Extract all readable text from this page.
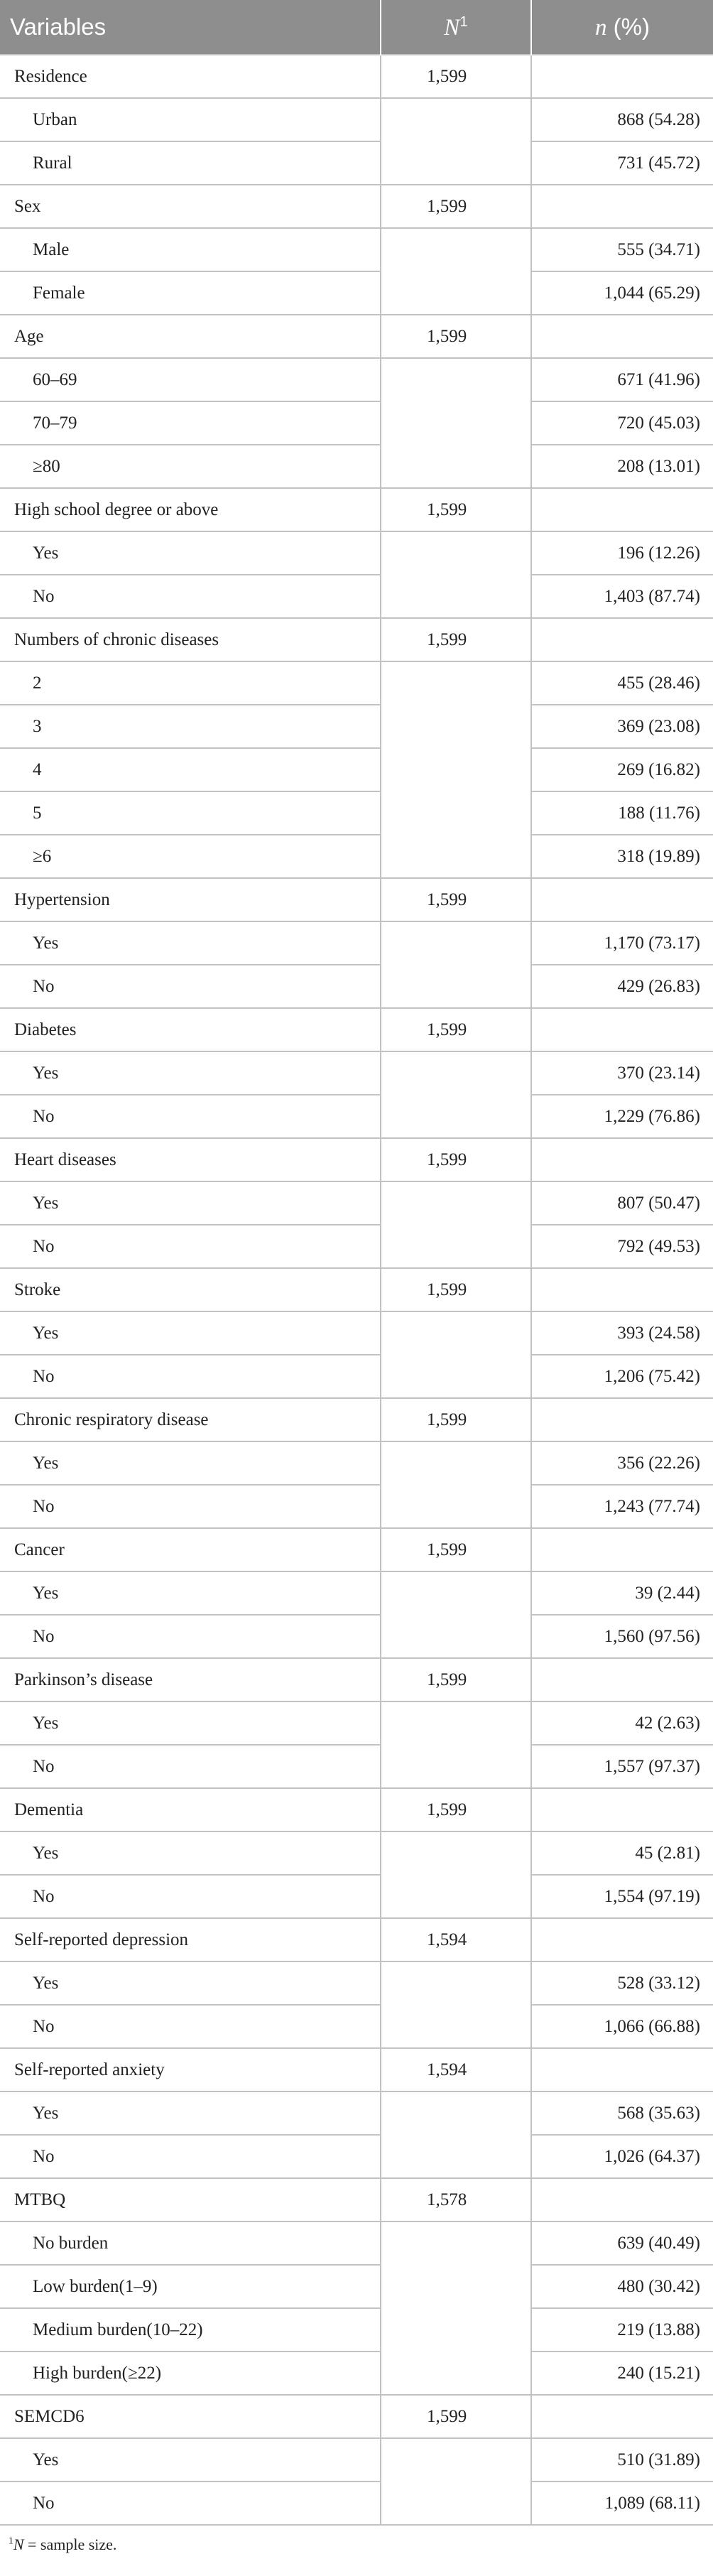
Variables	$N^1$	n (%)
Residence	1,599	
Urban		868 (54.28)
Rural		731 (45.72)
Sex	1,599	
Male		555 (34.71)
Female		1,044 (65.29)
Age	1,599	
60–69		671 (41.96)
70–79		720 (45.03)
≥80		208 (13.01)
High school degree or above	1,599	
Yes		196 (12.26)
No		1,403 (87.74)
Numbers of chronic diseases	1,599	
2		455 (28.46)
3		369 (23.08)
4		269 (16.82)
5		188 (11.76)
≥6		318 (19.89)
Hypertension	1,599	
Yes		1,170 (73.17)
No		429 (26.83)
Diabetes	1,599	
Yes		370 (23.14)
No		1,229 (76.86)
Heart diseases	1,599	
Yes		807 (50.47)
No		792 (49.53)
Stroke	1,599	
Yes		393 (24.58)
No		1,206 (75.42)
Chronic respiratory disease	1,599	
Yes		356 (22.26)
No		1,243 (77.74)
Cancer	1,599	
Yes		39 (2.44)
No		1,560 (97.56)
Parkinson’s disease	1,599	
Yes		42 (2.63)
No		1,557 (97.37)
Dementia	1,599	
Yes		45 (2.81)
No		1,554 (97.19)
Self-reported depression	1,594	
Yes		528 (33.12)
No		1,066 (66.88)
Self-reported anxiety	1,594	
Yes		568 (35.63)
No		1,026 (64.37)
MTBQ	1,578	
No burden		639 (40.49)
Low burden(1–9)		480 (30.42)
Medium burden(10–22)		219 (13.88)
High burden(≥22)		240 (15.21)
SEMCD6	1,599	
Yes		510 (31.89)
No		1,089 (68.11)
$^1$N = sample size.
